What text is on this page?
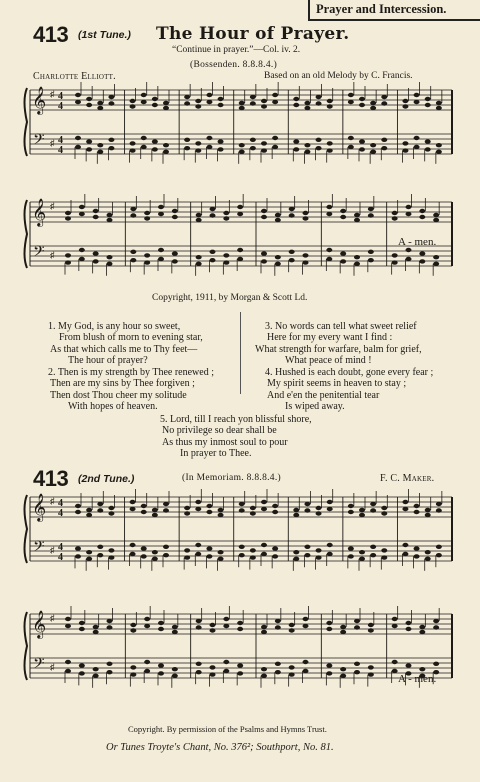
Prayer and Intercession.
413 (1st Tune.) The Hour of Prayer.
“Continue in prayer.”—Col. iv. 2.
(Bossenden. 8.8.8.4.)
Charlotte Elliott.	Based on an old Melody by C. Francis.
𝄞
𝄢
♯
♯
4
4
4
4
𝄞
𝄢
♯
♯
𝄞
𝄢
♯
♯
4
4
4
4
𝄞
𝄢
♯
♯
A - men.
Copyright, 1911, by Morgan & Scott Ld.

1. My God, is any hour so sweet,
From blush of morn to evening star,
As that which calls me to Thy feet—
The hour of prayer?

2. Then is my strength by Thee renewed ;
Then are my sins by Thee forgiven ;
Then dost Thou cheer my solitude
With hopes of heaven.

3. No words can tell what sweet relief
Here for my every want I find :
What strength for warfare, balm for grief,
What peace of mind !

4. Hushed is each doubt, gone every fear ;
My spirit seems in heaven to stay ;
And e'en the penitential tear
Is wiped away.

5. Lord, till I reach yon blissful shore,
No privilege so dear shall be
As thus my inmost soul to pour
In prayer to Thee.
413 (2nd Tune.)	(In Memoriam. 8.8.8.4.)	F. C. Maker.
A - men.
Copyright. By permission of the Psalms and Hymns Trust.
Or Tunes Troyte's Chant, No. 376²; Southport, No. 81.
